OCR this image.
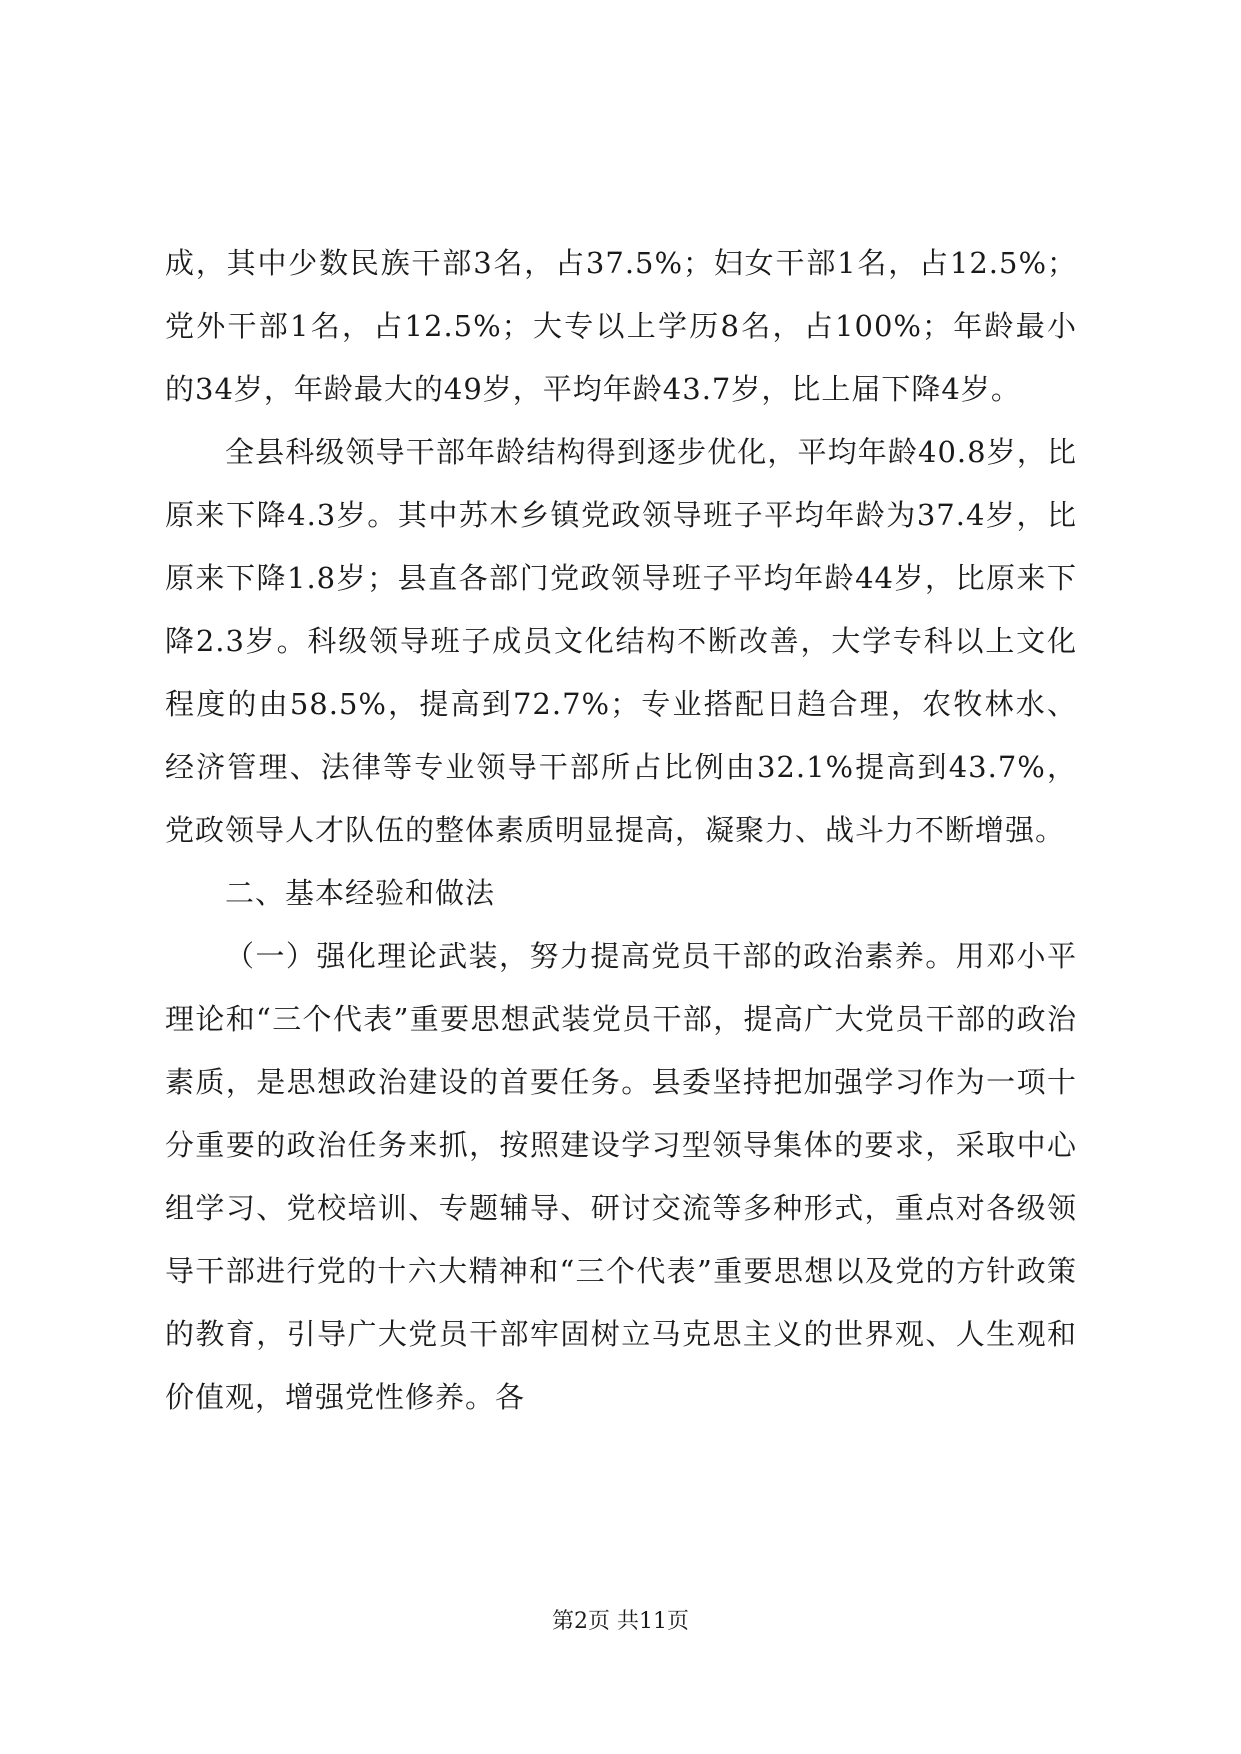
成，其中少数民族干部3名，占37.5%；妇女干部1名，占12.5%；党外干部1名，占12.5%；大专以上学历8名，占100%；年龄最小的34岁，年龄最大的49岁，平均年龄43.7岁，比上届下降4岁。

全县科级领导干部年龄结构得到逐步优化，平均年龄40.8岁，比原来下降4.3岁。其中苏木乡镇党政领导班子平均年龄为37.4岁，比原来下降1.8岁；县直各部门党政领导班子平均年龄44岁，比原来下降2.3岁。科级领导班子成员文化结构不断改善，大学专科以上文化程度的由58.5%，提高到72.7%；专业搭配日趋合理，农牧林水、经济管理、法律等专业领导干部所占比例由32.1%提高到43.7%，党政领导人才队伍的整体素质明显提高，凝聚力、战斗力不断增强。

二、基本经验和做法

（一）强化理论武装，努力提高党员干部的政治素养。用邓小平理论和“三个代表”重要思想武装党员干部，提高广大党员干部的政治素质，是思想政治建设的首要任务。县委坚持把加强学习作为一项十分重要的政治任务来抓，按照建设学习型领导集体的要求，采取中心组学习、党校培训、专题辅导、研讨交流等多种形式，重点对各级领导干部进行党的十六大精神和“三个代表”重要思想以及党的方针政策的教育，引导广大党员干部牢固树立马克思主义的世界观、人生观和价值观，增强党性修养。各

第2页 共11页
